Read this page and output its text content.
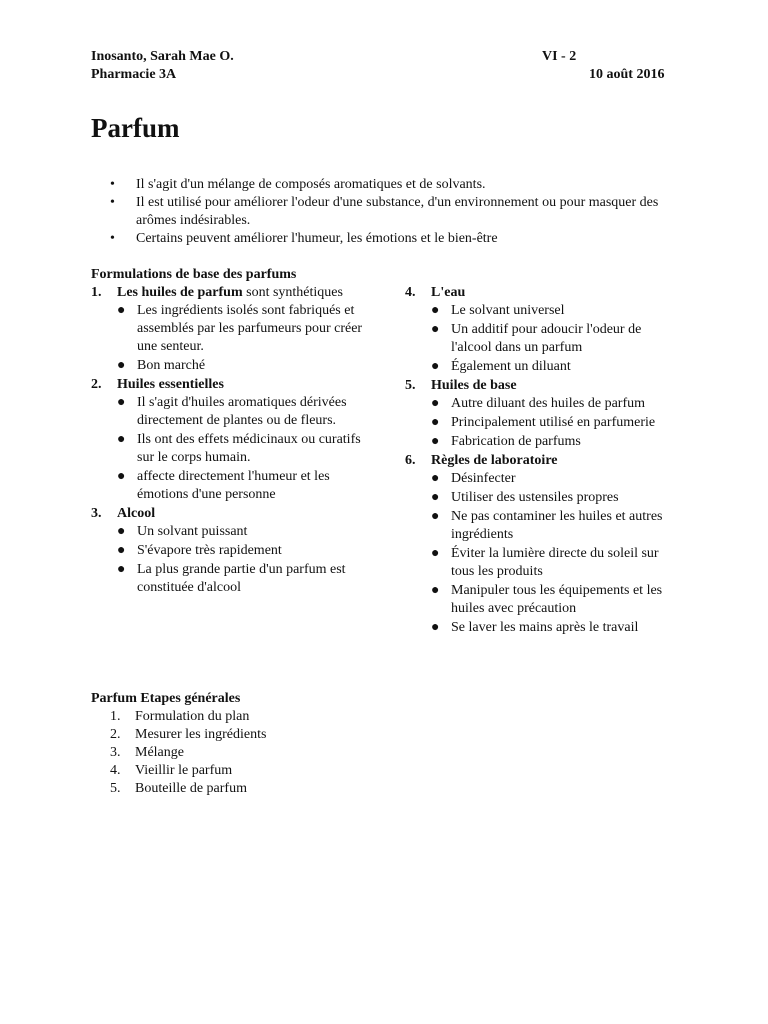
Inosanto, Sarah Mae O.	VI - 2
Pharmacie 3A	10 août 2016
Parfum
• Il s'agit d'un mélange de composés aromatiques et de solvants.
• Il est utilisé pour améliorer l'odeur d'une substance, d'un environnement ou pour masquer des arômes indésirables.
• Certains peuvent améliorer l'humeur, les émotions et le bien-être
Formulations de base des parfums
1. Les huiles de parfum sont synthétiques
● Les ingrédients isolés sont fabriqués et assemblés par les parfumeurs pour créer une senteur.
● Bon marché
2. Huiles essentielles
● Il s'agit d'huiles aromatiques dérivées directement de plantes ou de fleurs.
● Ils ont des effets médicinaux ou curatifs sur le corps humain.
● affecte directement l'humeur et les émotions d'une personne
3. Alcool
● Un solvant puissant
● S'évapore très rapidement
● La plus grande partie d'un parfum est constituée d'alcool
4. L'eau
● Le solvant universel
● Un additif pour adoucir l'odeur de l'alcool dans un parfum
● Également un diluant
5. Huiles de base
● Autre diluant des huiles de parfum
● Principalement utilisé en parfumerie
● Fabrication de parfums
6. Règles de laboratoire
● Désinfecter
● Utiliser des ustensiles propres
● Ne pas contaminer les huiles et autres ingrédients
● Éviter la lumière directe du soleil sur tous les produits
● Manipuler tous les équipements et les huiles avec précaution
● Se laver les mains après le travail
Parfum Etapes générales
1. Formulation du plan
2. Mesurer les ingrédients
3. Mélange
4. Vieillir le parfum
5. Bouteille de parfum
